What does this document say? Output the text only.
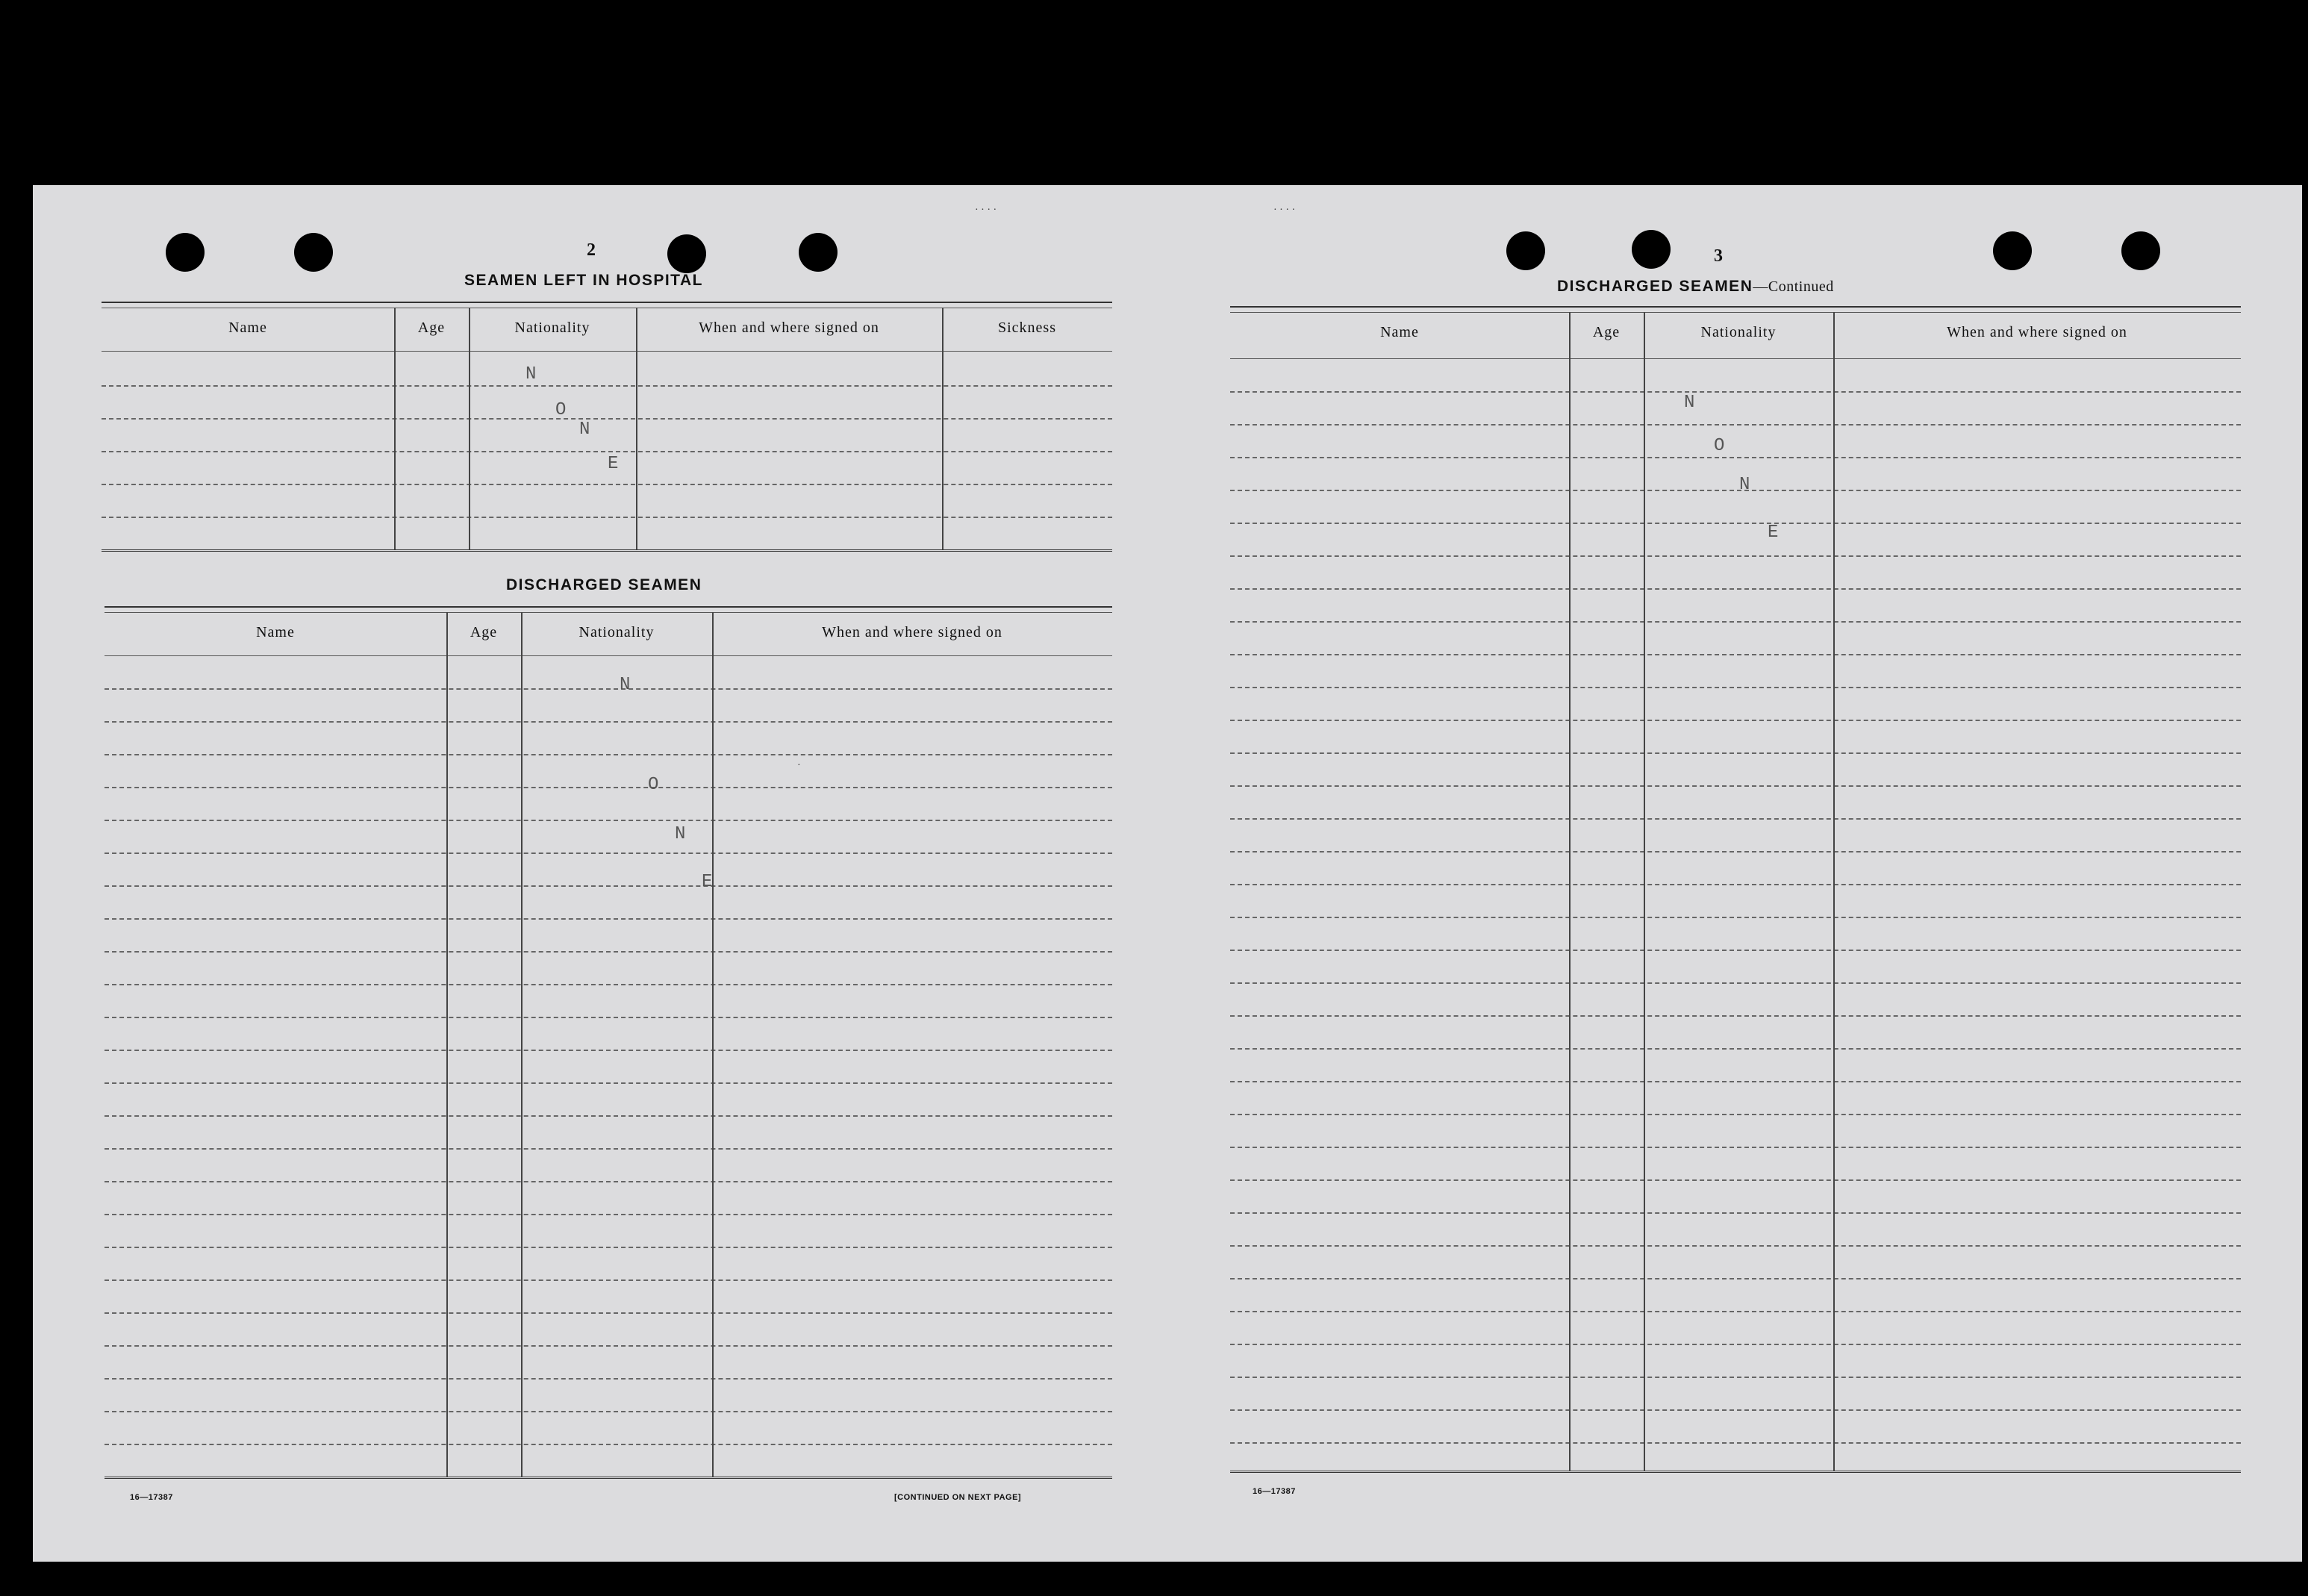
2
SEAMEN LEFT IN HOSPITAL
Name	Age	Nationality	When and where signed on	Sickness
N
O
N
E
DISCHARGED SEAMEN
Name	Age	Nationality	When and where signed on
N
O
N
E
·
16—17387	[CONTINUED ON NEXT PAGE]
3
DISCHARGED SEAMEN—Continued
Name	Age	Nationality	When and where signed on
N
O
N
E
16—17387
· · · ·	· · · ·
